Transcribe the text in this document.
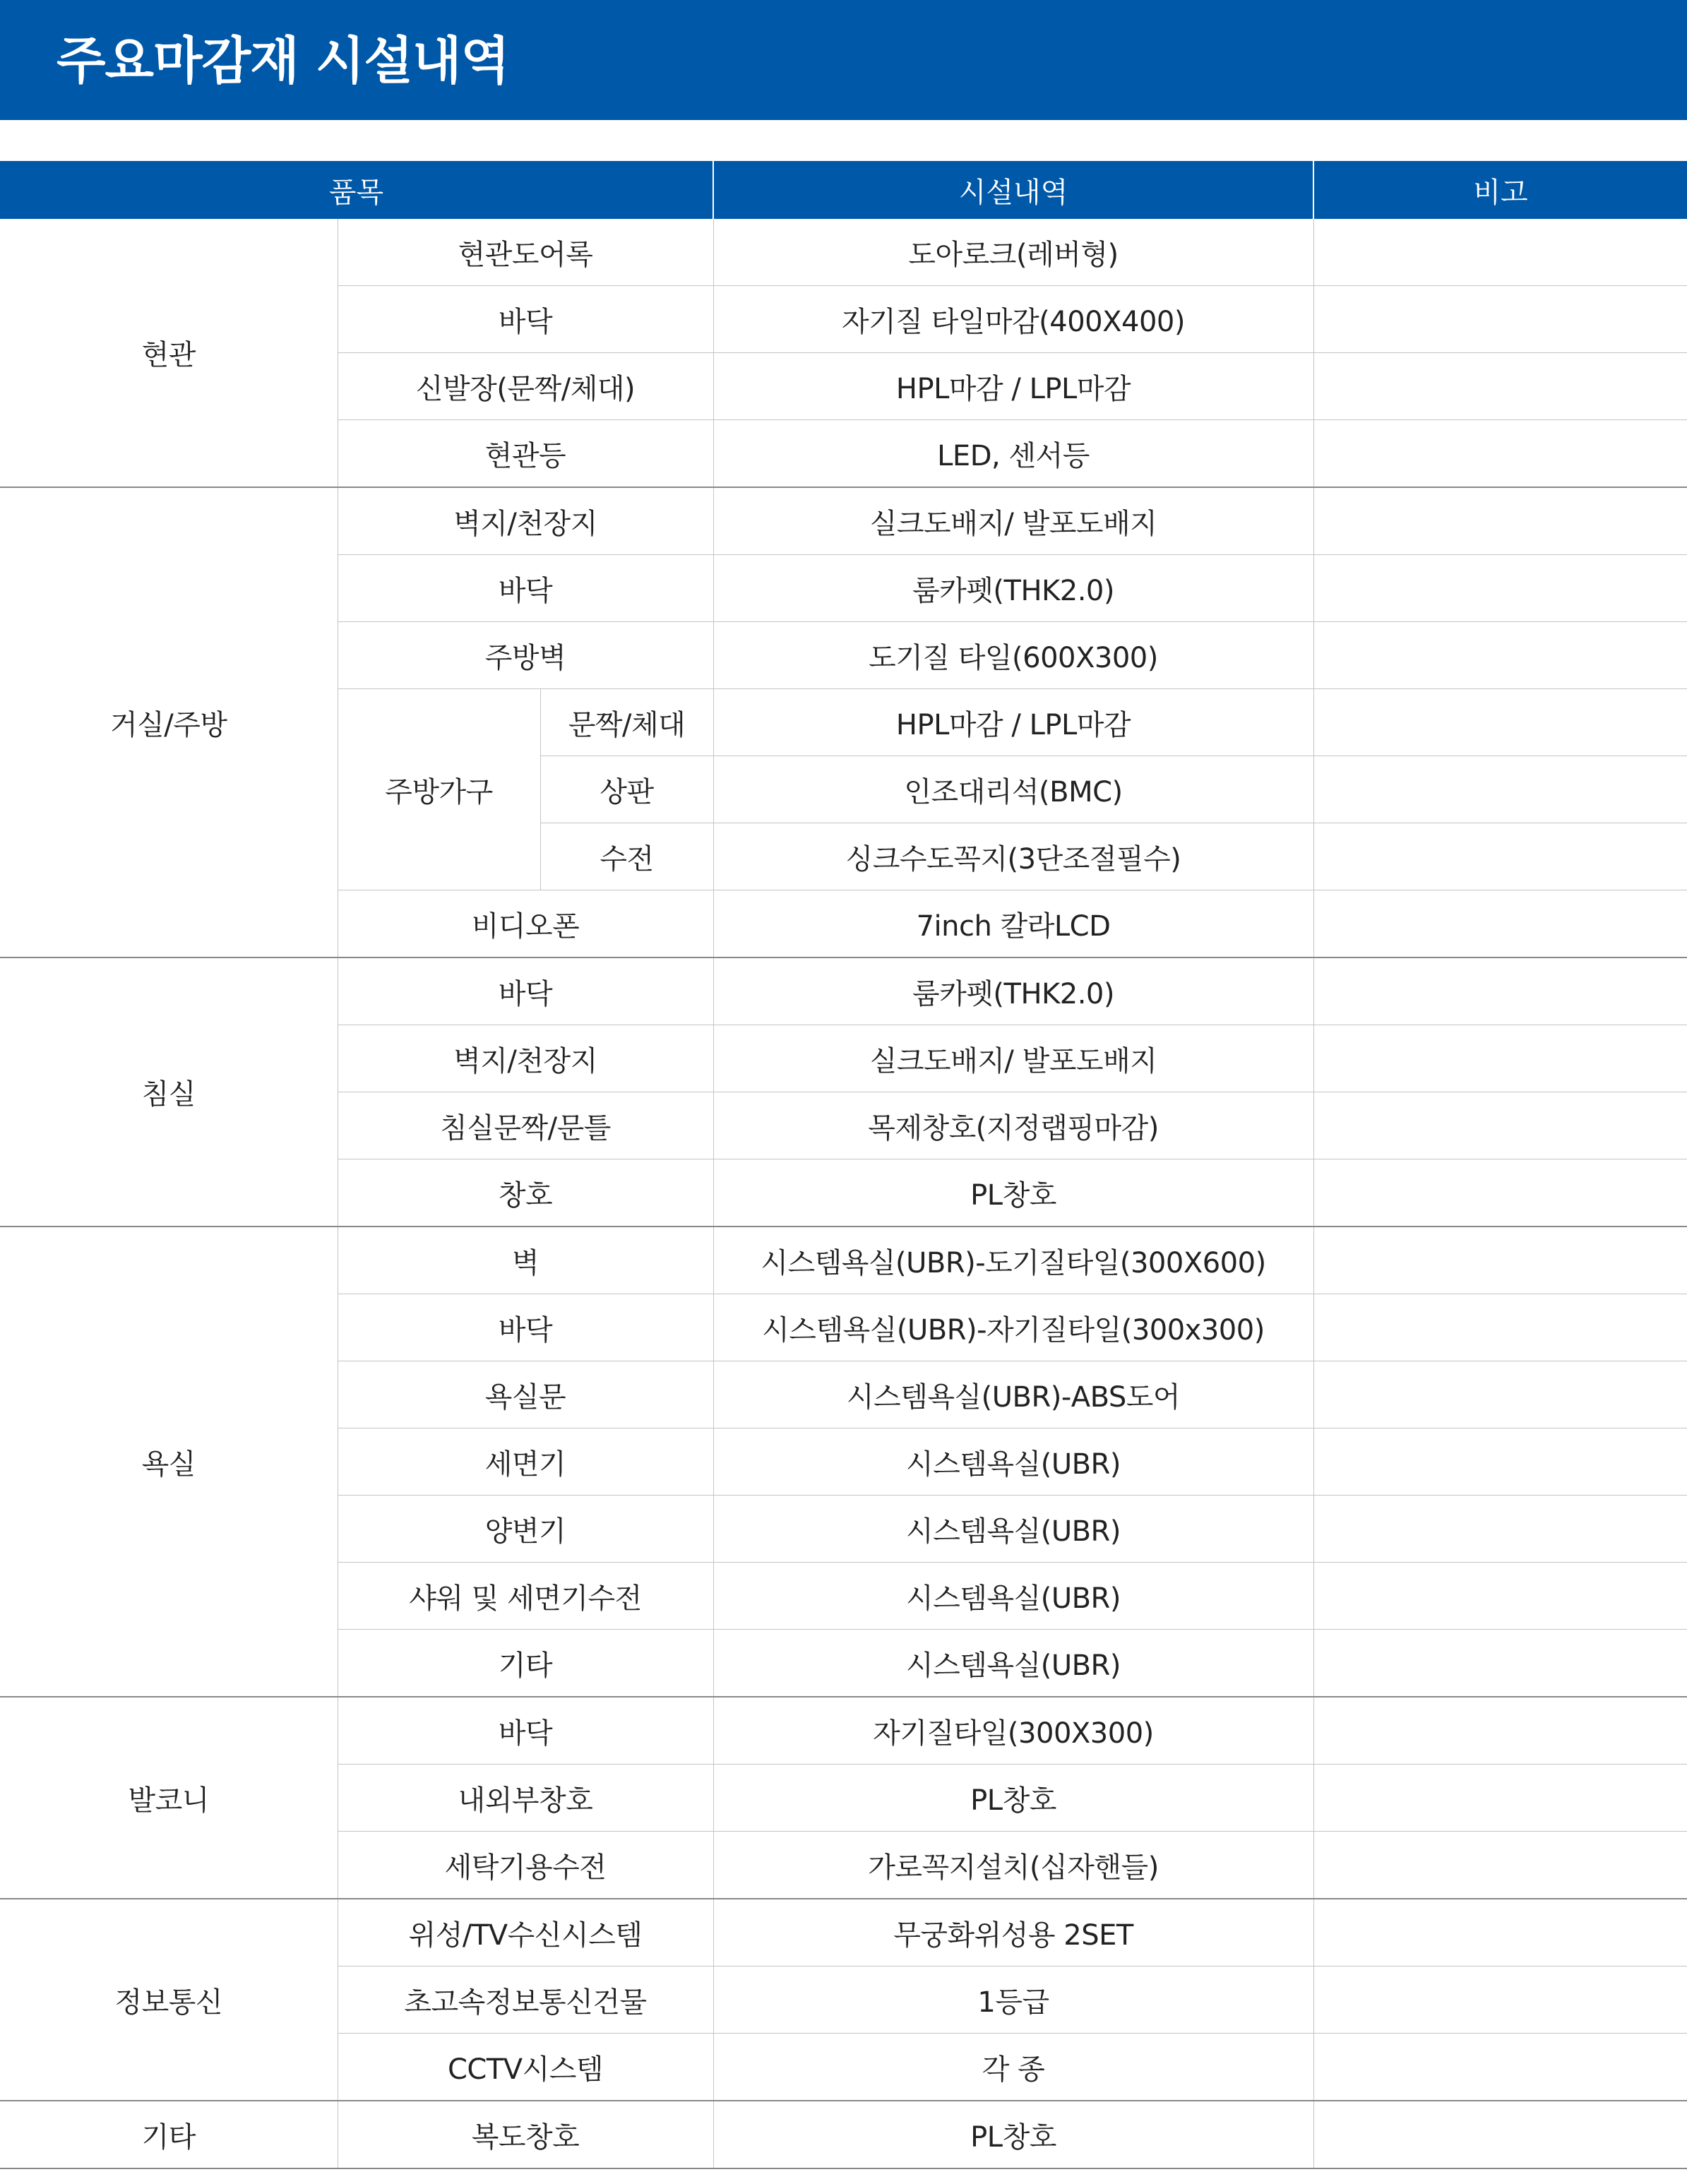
주요마감재 시설내역
품목			시설내역	비고
현관	현관도어록		도아로크(레버형)	
	바닥		자기질 타일마감(400X400)	
	신발장(문짝/체대)		HPL마감 / LPL마감	
	현관등		LED, 센서등	
거실/주방	벽지/천장지		실크도배지/ 발포도배지	
	바닥		룸카펫(THK2.0)	
	주방벽		도기질 타일(600X300)	
	주방가구	문짝/체대	HPL마감 / LPL마감	
		상판	인조대리석(BMC)	
		수전	싱크수도꼭지(3단조절필수)	
	비디오폰		7inch 칼라LCD	
침실	바닥		룸카펫(THK2.0)	
	벽지/천장지		실크도배지/ 발포도배지	
	침실문짝/문틀		목제창호(지정랩핑마감)	
	창호		PL창호	
욕실	벽		시스템욕실(UBR)-도기질타일(300X600)	
	바닥		시스템욕실(UBR)-자기질타일(300x300)	
	욕실문		시스템욕실(UBR)-ABS도어	
	세면기		시스템욕실(UBR)	
	양변기		시스템욕실(UBR)	
	샤워 및 세면기수전		시스템욕실(UBR)	
	기타		시스템욕실(UBR)	
발코니	바닥		자기질타일(300X300)	
	내외부창호		PL창호	
	세탁기용수전		가로꼭지설치(십자핸들)	
정보통신	위성/TV수신시스템		무궁화위성용 2SET	
	초고속정보통신건물		1등급	
	CCTV시스템		각 종	
기타	복도창호		PL창호	
